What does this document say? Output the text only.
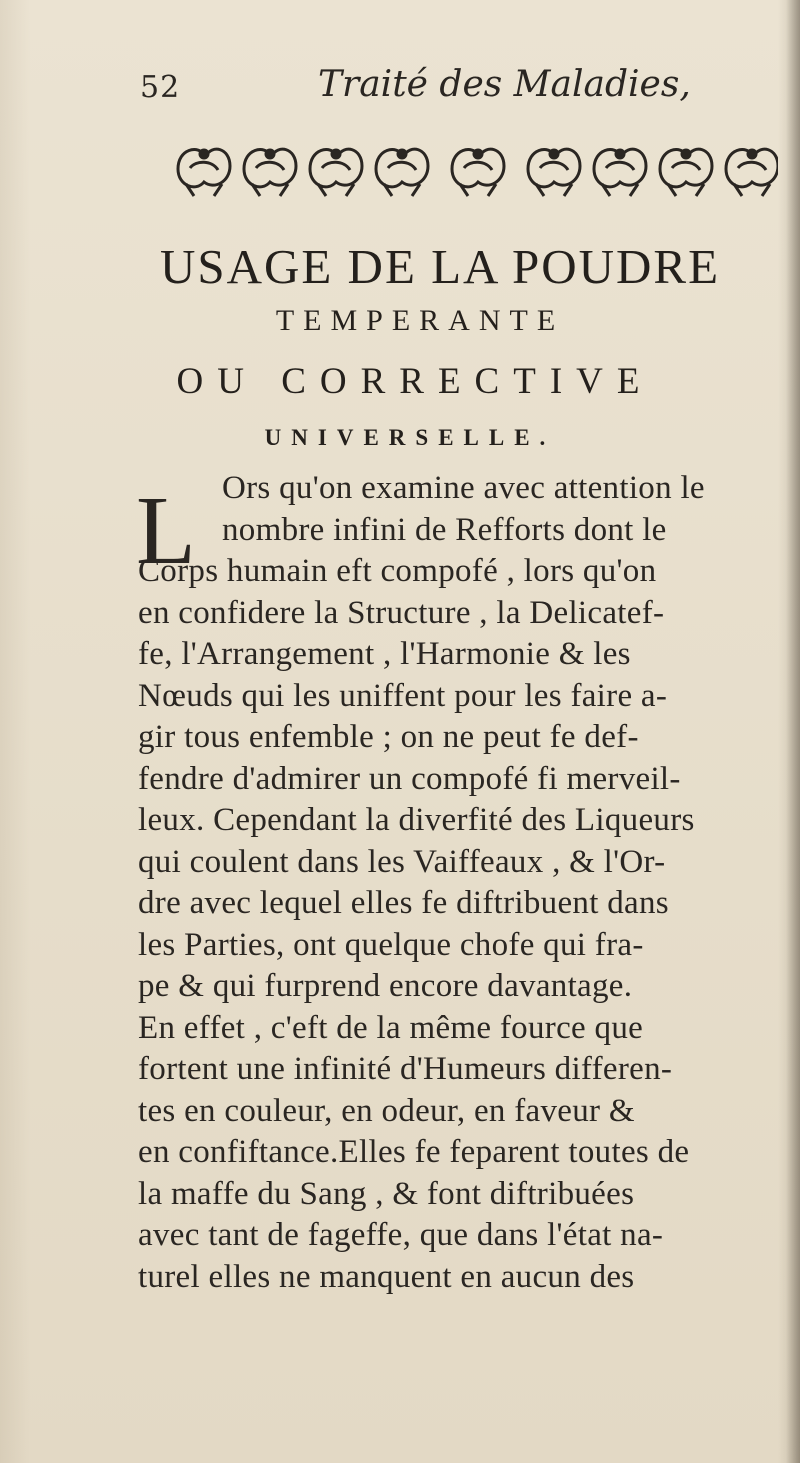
52	Traité des Maladies,
USAGE DE LA POUDRE
TEMPERANTE
OU CORRECTIVE
UNIVERSELLE.
L Ors qu'on examine avec attention le
nombre infini de Refforts dont le
Corps humain eft compofé , lors qu'on
en confidere la Structure , la Delicatef-
fe, l'Arrangement , l'Harmonie & les
Nœuds qui les uniffent pour les faire a-
gir tous enfemble ; on ne peut fe def-
fendre d'admirer un compofé fi merveil-
leux. Cependant la diverfité des Liqueurs
qui coulent dans les Vaiffeaux , & l'Or-
dre avec lequel elles fe diftribuent dans
les Parties, ont quelque chofe qui fra-
pe & qui furprend encore davantage.
En effet , c'eft de la même fource que
fortent une infinité d'Humeurs differen-
tes en couleur, en odeur, en faveur &
en confiftance.Elles fe feparent toutes de
la maffe du Sang , & font diftribuées
avec tant de fageffe, que dans l'état na-
turel elles ne manquent en aucun des
